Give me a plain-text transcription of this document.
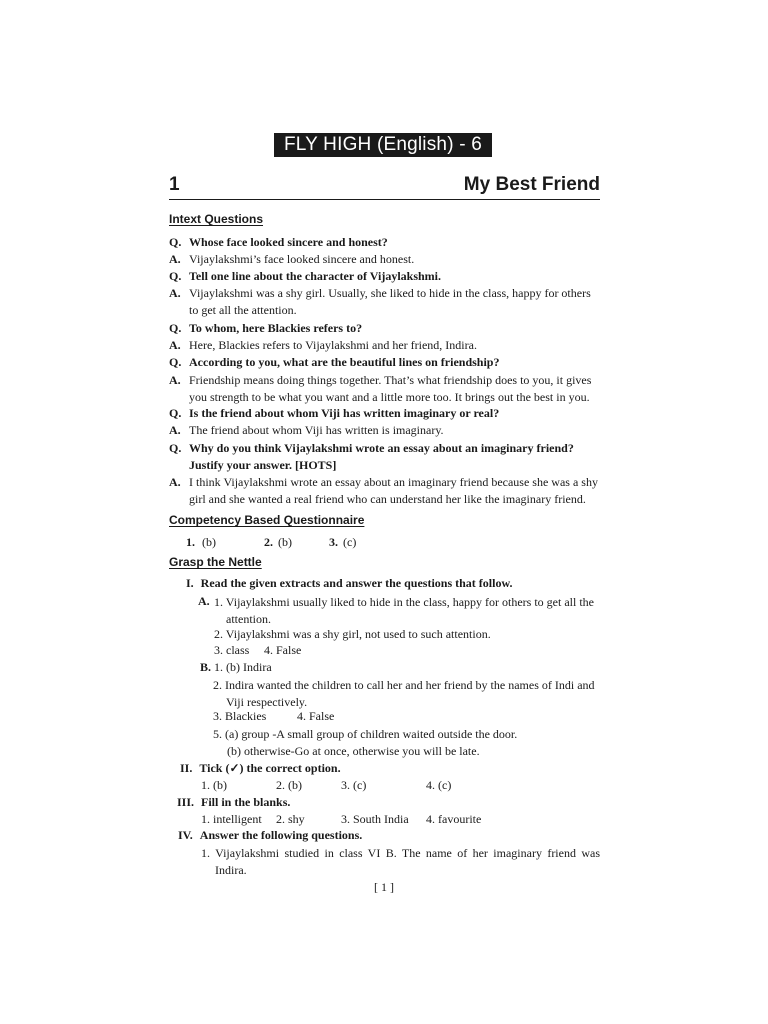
FLY HIGH (English) - 6
1	My Best Friend
Intext Questions
Q. Whose face looked sincere and honest?
A. Vijaylakshmi’s face looked sincere and honest.
Q. Tell one line about the character of Vijaylakshmi.
A. Vijaylakshmi was a shy girl. Usually, she liked to hide in the class, happy for others to get all the attention.
Q. To whom, here Blackies refers to?
A. Here, Blackies refers to Vijaylakshmi and her friend, Indira.
Q. According to you, what are the beautiful lines on friendship?
A. Friendship means doing things together. That’s what friendship does to you, it gives you strength to be what you want and a little more too. It brings out the best in you.
Q. Is the friend about whom Viji has written imaginary or real?
A. The friend about whom Viji has written is imaginary.
Q. Why do you think Vijaylakshmi wrote an essay about an imaginary friend? Justify your answer. [HOTS]
A. I think Vijaylakshmi wrote an essay about an imaginary friend because she was a shy girl and she wanted a real friend who can understand her like the imaginary friend.
Competency Based Questionnaire
1. (b)	2. (b)	3. (c)
Grasp the Nettle
I. Read the given extracts and answer the questions that follow.
A. 1. Vijaylakshmi usually liked to hide in the class, happy for others to get all the attention.
2. Vijaylakshmi was a shy girl, not used to such attention.
3. class 4. False
B. 1. (b) Indira
2. Indira wanted the children to call her and her friend by the names of Indi and Viji respectively.
3. Blackies	4. False
5. (a) group -A small group of children waited outside the door.
(b) otherwise-Go at once, otherwise you will be late.
II. Tick (✓) the correct option.
1. (b)	2. (b)	3. (c)	4. (c)
III. Fill in the blanks.
1. intelligent 2. shy	3. South India 4. favourite
IV. Answer the following questions.
1. Vijaylakshmi studied in class VI B. The name of her imaginary friend was Indira.
[ 1 ]
